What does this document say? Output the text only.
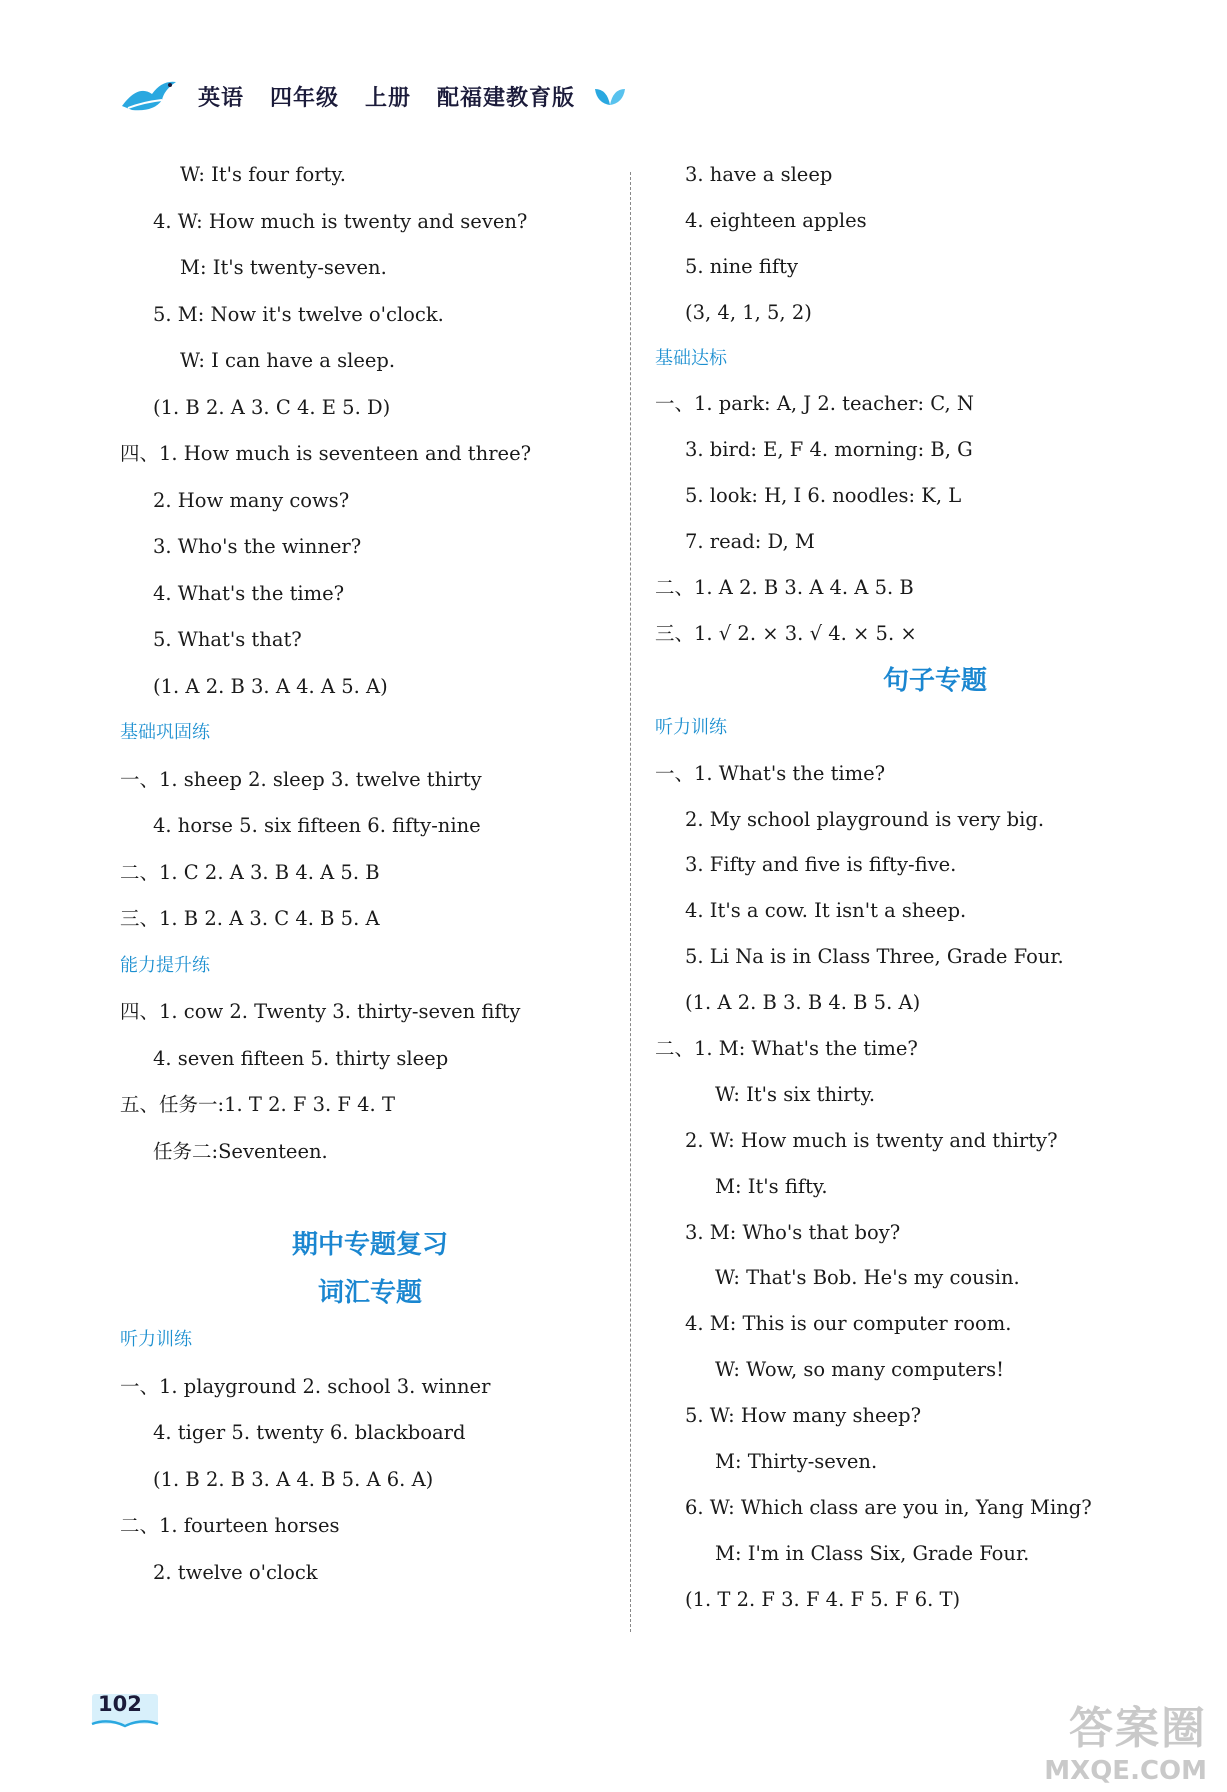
英语 四年级 上册 配福建教育版
W: It's four forty.
4. W: How much is twenty and seven?
M: It's twenty-seven.
5. M: Now it's twelve o'clock.
W: I can have a sleep.
(1. B 2. A 3. C 4. E 5. D)
四、1. How much is seventeen and three?
2. How many cows?
3. Who's the winner?
4. What's the time?
5. What's that?
(1. A 2. B 3. A 4. A 5. A)
基础巩固练
一、1. sheep 2. sleep 3. twelve thirty
4. horse 5. six fifteen 6. fifty-nine
二、1. C 2. A 3. B 4. A 5. B
三、1. B 2. A 3. C 4. B 5. A
能力提升练
四、1. cow 2. Twenty 3. thirty-seven fifty
4. seven fifteen 5. thirty sleep
五、任务一:1. T 2. F 3. F 4. T
任务二:Seventeen.
期中专题复习
词汇专题
听力训练
一、1. playground 2. school 3. winner
4. tiger 5. twenty 6. blackboard
(1. B 2. B 3. A 4. B 5. A 6. A)
二、1. fourteen horses
2. twelve o'clock
3. have a sleep
4. eighteen apples
5. nine fifty
(3, 4, 1, 5, 2)
基础达标
一、1. park: A, J 2. teacher: C, N
3. bird: E, F 4. morning: B, G
5. look: H, I 6. noodles: K, L
7. read: D, M
二、1. A 2. B 3. A 4. A 5. B
三、1. √ 2. × 3. √ 4. × 5. ×
句子专题
听力训练
一、1. What's the time?
2. My school playground is very big.
3. Fifty and five is fifty-five.
4. It's a cow. It isn't a sheep.
5. Li Na is in Class Three, Grade Four.
(1. A 2. B 3. B 4. B 5. A)
二、1. M: What's the time?
W: It's six thirty.
2. W: How much is twenty and thirty?
M: It's fifty.
3. M: Who's that boy?
W: That's Bob. He's my cousin.
4. M: This is our computer room.
W: Wow, so many computers!
5. W: How many sheep?
M: Thirty-seven.
6. W: Which class are you in, Yang Ming?
M: I'm in Class Six, Grade Four.
(1. T 2. F 3. F 4. F 5. F 6. T)
102	答案圈
MXQE.COM
